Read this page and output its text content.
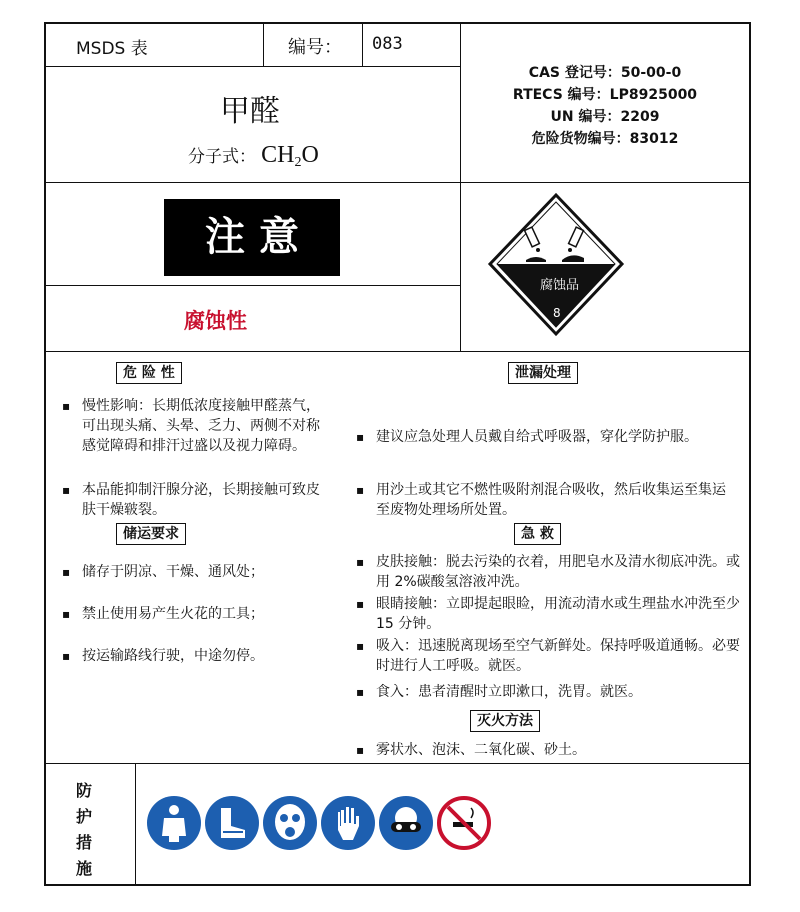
MSDS 表	编号： 083
甲醛
分子式： $CH_2O$
CAS 登记号：50-00-0
RTECS 编号：LP8925000
UN 编号：2209
危险货物编号：83012
注 意
腐蚀性
腐蚀品
8
危 险 性
▪ 慢性影响：长期低浓度接触甲醛蒸气，可出现头痛、头晕、乏力、两侧不对称感觉障碍和排汗过盛以及视力障碍。
▪ 本品能抑制汗腺分泌，长期接触可致皮肤干燥皲裂。
储运要求
▪ 储存于阴凉、干燥、通风处；
▪ 禁止使用易产生火花的工具；
▪ 按运输路线行驶，中途勿停。
泄漏处理
▪ 建议应急处理人员戴自给式呼吸器，穿化学防护服。
▪ 用沙土或其它不燃性吸附剂混合吸收，然后收集运至集运至废物处理场所处置。
急 救
▪ 皮肤接触：脱去污染的衣着，用肥皂水及清水彻底冲洗。或用 2%碳酸氢溶液冲洗。
▪ 眼睛接触：立即提起眼睑，用流动清水或生理盐水冲洗至少 15 分钟。
▪ 吸入：迅速脱离现场至空气新鲜处。保持呼吸道通畅。必要时进行人工呼吸。就医。
▪ 食入：患者清醒时立即漱口，洗胃。就医。
灭火方法
▪ 雾状水、泡沫、二氧化碳、砂土。
防护措施
